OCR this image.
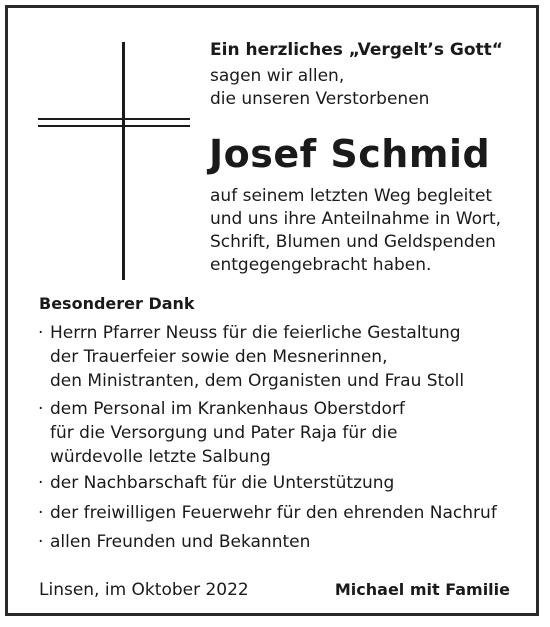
Ein herzliches „Vergelt’s Gott“
sagen wir allen,
die unseren Verstorbenen
Josef Schmid
auf seinem letzten Weg begleitet
und uns ihre Anteilnahme in Wort,
Schrift, Blumen und Geldspenden
entgegengebracht haben.
Besonderer Dank
· Herrn Pfarrer Neuss für die feierliche Gestaltung
der Trauerfeier sowie den Mesnerinnen,
den Ministranten, dem Organisten und Frau Stoll
· dem Personal im Krankenhaus Oberstdorf
für die Versorgung und Pater Raja für die
würdevolle letzte Salbung
· der Nachbarschaft für die Unterstützung
· der freiwilligen Feuerwehr für den ehrenden Nachruf
· allen Freunden und Bekannten
Linsen, im Oktober 2022	Michael mit Familie
